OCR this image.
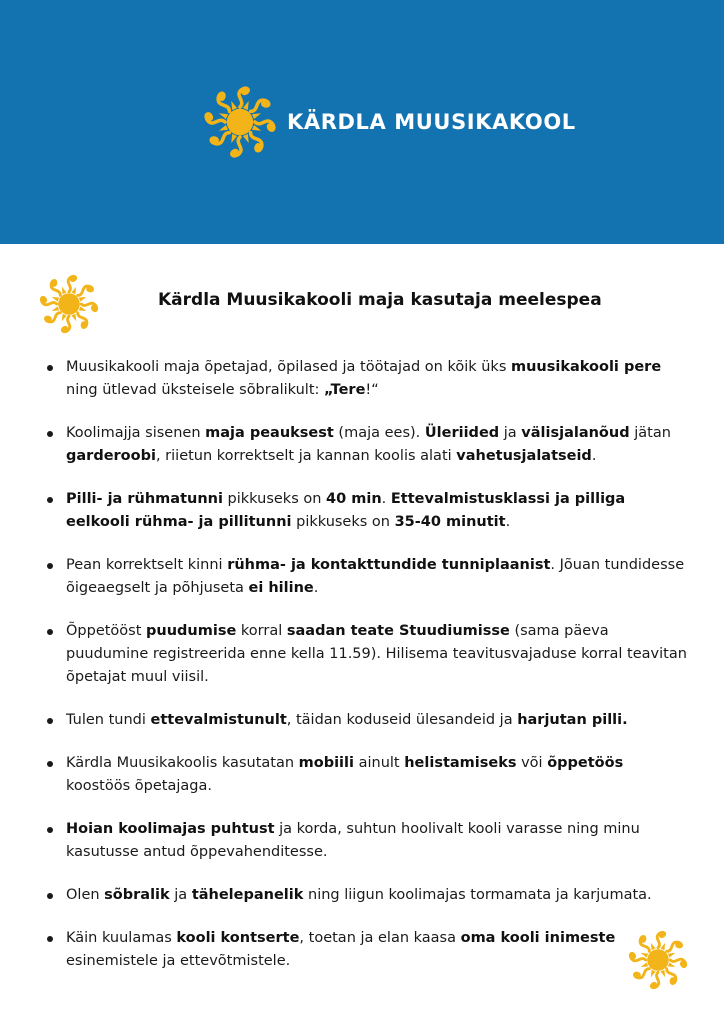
KÄRDLA MUUSIKAKOOL
Kärdla Muusikakooli maja kasutaja meelespea
Muusikakooli maja õpetajad, õpilased ja töötajad on kõik üks muusikakooli pere ning ütlevad üksteisele sõbralikult: „Tere!“
Koolimajja sisenen maja peauksest (maja ees). Üleriided ja välisjalanõud jätan garderoobi, riietun korrektselt ja kannan koolis alati vahetusjalatseid.
Pilli- ja rühmatunni pikkuseks on 40 min. Ettevalmistusklassi ja pilliga eelkooli rühma- ja pillitunni pikkuseks on 35-40 minutit.
Pean korrektselt kinni rühma- ja kontakttundide tunniplaanist. Jõuan tundidesse õigeaegselt ja põhjuseta ei hiline.
Õppetööst puudumise korral saadan teate Stuudiumisse (sama päeva puudumine registreerida enne kella 11.59). Hilisema teavitusvajaduse korral teavitan õpetajat muul viisil.
Tulen tundi ettevalmistunult, täidan koduseid ülesandeid ja harjutan pilli.
Kärdla Muusikakoolis kasutatan mobiili ainult helistamiseks või õppetöös koostöös õpetajaga.
Hoian koolimajas puhtust ja korda, suhtun hoolivalt kooli varasse ning minu kasutusse antud õppevahenditesse.
Olen sõbralik ja tähelepanelik ning liigun koolimajas tormamata ja karjumata.
Käin kuulamas kooli kontserte, toetan ja elan kaasa oma kooli inimeste esinemistele ja ettevõtmistele.
